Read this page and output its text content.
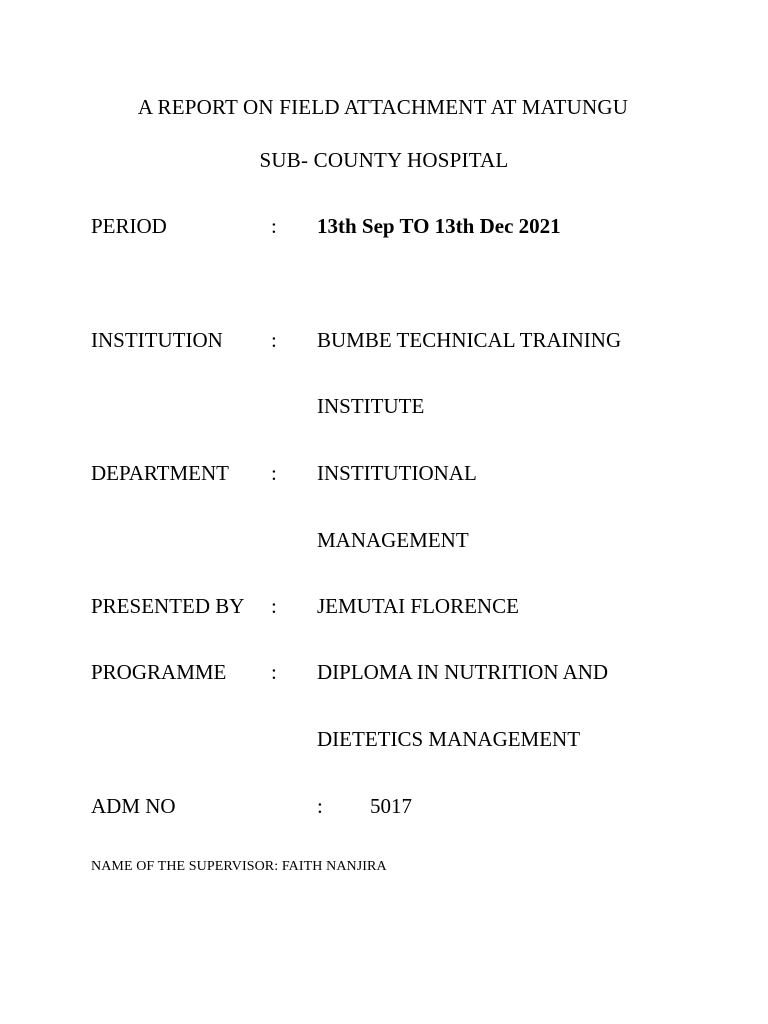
A REPORT ON FIELD ATTACHMENT AT MATUNGU
SUB- COUNTY HOSPITAL
PERIOD	: 13th Sep TO 13th Dec 2021
INSTITUTION : BUMBE TECHNICAL TRAINING
INSTITUTE
DEPARTMENT : INSTITUTIONAL
MANAGEMENT
PRESENTED BY : JEMUTAI FLORENCE
PROGRAMME : DIPLOMA IN NUTRITION AND
DIETETICS MANAGEMENT
ADM NO	: 5017
NAME OF THE SUPERVISOR: FAITH NANJIRA
